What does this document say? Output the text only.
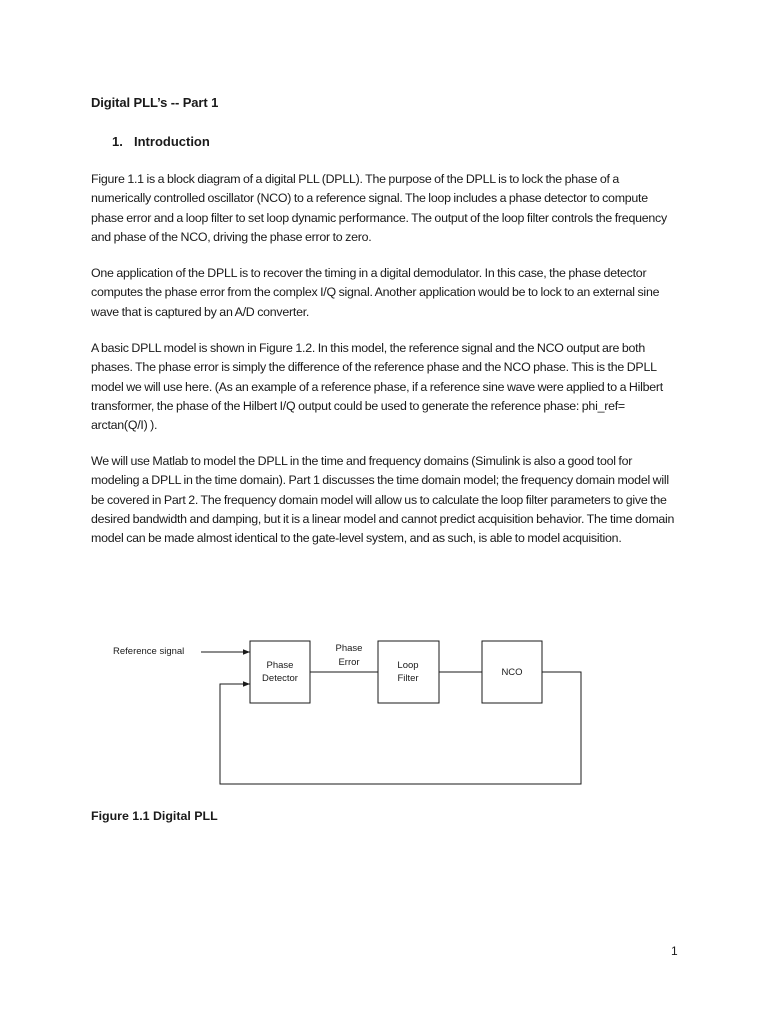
Digital PLL’s -- Part 1
1. Introduction

Figure 1.1 is a block diagram of a digital PLL (DPLL). The purpose of the DPLL is to lock the phase of a numerically controlled oscillator (NCO) to a reference signal. The loop includes a phase detector to compute phase error and a loop filter to set loop dynamic performance. The output of the loop filter controls the frequency and phase of the NCO, driving the phase error to zero.

One application of the DPLL is to recover the timing in a digital demodulator. In this case, the phase detector computes the phase error from the complex I/Q signal. Another application would be to lock to an external sine wave that is captured by an A/D converter.

A basic DPLL model is shown in Figure 1.2. In this model, the reference signal and the NCO output are both phases. The phase error is simply the difference of the reference phase and the NCO phase. This is the DPLL model we will use here. (As an example of a reference phase, if a reference sine wave were applied to a Hilbert transformer, the phase of the Hilbert I/Q output could be used to generate the reference phase: phi_ref= arctan(Q/I) ).

We will use Matlab to model the DPLL in the time and frequency domains (Simulink is also a good tool for modeling a DPLL in the time domain). Part 1 discusses the time domain model; the frequency domain model will be covered in Part 2. The frequency domain model will allow us to calculate the loop filter parameters to give the desired bandwidth and damping, but it is a linear model and cannot predict acquisition behavior. The time domain model can be made almost identical to the gate-level system, and as such, is able to model acquisition.

Reference signal
Phase
Detector
Phase
Error	Loop
Filter
NCO
Figure 1.1 Digital PLL
1
